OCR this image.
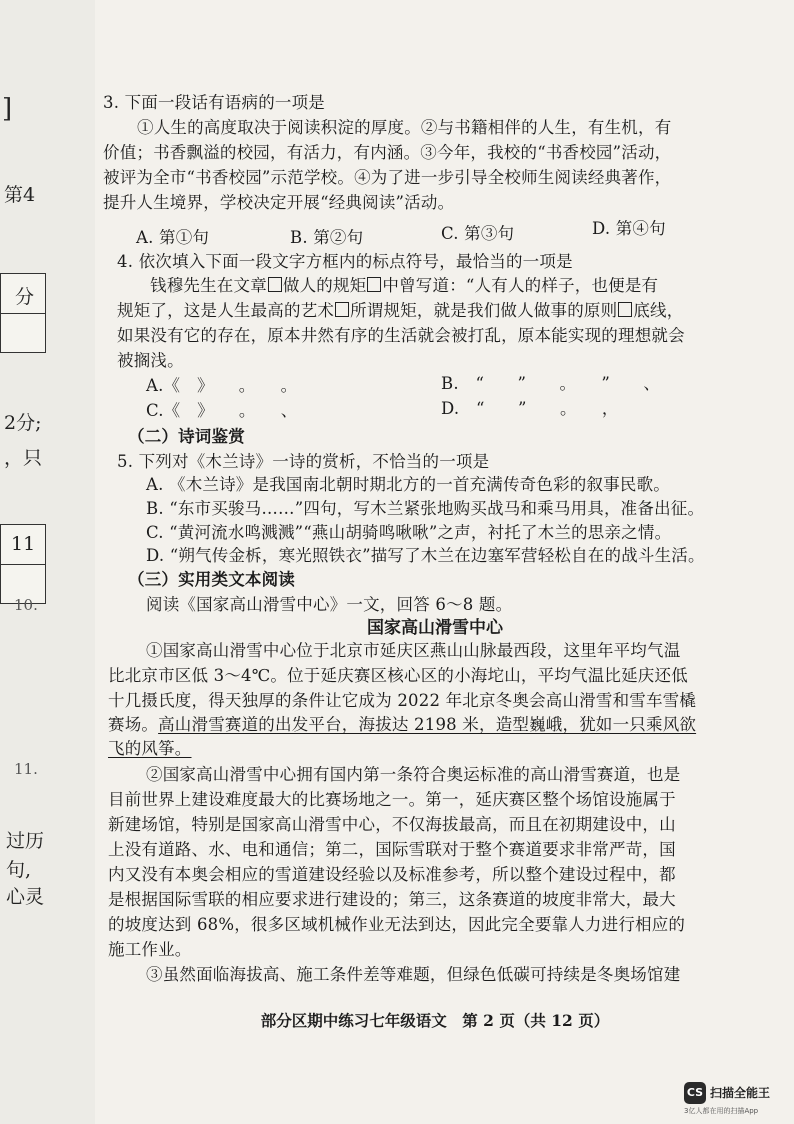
]
第4
分
2分;
，只
11
10.
11.
过历
句,
心灵
3. 下面一段话有语病的一项是
①人生的高度取决于阅读积淀的厚度。②与书籍相伴的人生，有生机，有
价值；书香飘溢的校园，有活力，有内涵。③今年，我校的“书香校园”活动，
被评为全市“书香校园”示范学校。④为了进一步引导全校师生阅读经典著作，
提升人生境界，学校决定开展“经典阅读”活动。
A. 第①句	B. 第②句	C. 第③句	D. 第④句
4. 依次填入下面一段文字方框内的标点符号，最恰当的一项是
钱穆先生在文章 做人的规矩 中曾写道：“人有人的样子，也便是有
规矩了，这是人生最高的艺术 所谓规矩，就是我们做人做事的原则 底线，
如果没有它的存在，原本井然有序的生活就会被打乱，原本能实现的理想就会
被搁浅。
A.《　》　　。　　。	B.　“　　”　　。　　”　　、
C.《　》　　。　　、	D.　“　　”　　。　　，
（二）诗词鉴赏
5. 下列对《木兰诗》一诗的赏析，不恰当的一项是
A. 《木兰诗》是我国南北朝时期北方的一首充满传奇色彩的叙事民歌。
B. “东市买骏马……”四句，写木兰紧张地购买战马和乘马用具，准备出征。
C. “黄河流水鸣溅溅”“燕山胡骑鸣啾啾”之声，衬托了木兰的思亲之情。
D. “朔气传金柝，寒光照铁衣”描写了木兰在边塞军营轻松自在的战斗生活。
（三）实用类文本阅读
阅读《国家高山滑雪中心》一文，回答 6～8 题。
国家高山滑雪中心
①国家高山滑雪中心位于北京市延庆区燕山山脉最西段，这里年平均气温
比北京市区低 3～4℃。位于延庆赛区核心区的小海坨山，平均气温比延庆还低
十几摄氏度，得天独厚的条件让它成为 2022 年北京冬奥会高山滑雪和雪车雪橇
赛场。高山滑雪赛道的出发平台，海拔达 2198 米，造型巍峨，犹如一只乘风欲
飞的风筝。
②国家高山滑雪中心拥有国内第一条符合奥运标准的高山滑雪赛道，也是
目前世界上建设难度最大的比赛场地之一。第一，延庆赛区整个场馆设施属于
新建场馆，特别是国家高山滑雪中心，不仅海拔最高，而且在初期建设中，山
上没有道路、水、电和通信；第二，国际雪联对于整个赛道要求非常严苛，国
内又没有本奥会相应的雪道建设经验以及标准参考，所以整个建设过程中，都
是根据国际雪联的相应要求进行建设的；第三，这条赛道的坡度非常大，最大
的坡度达到 68%，很多区域机械作业无法到达，因此完全要靠人力进行相应的
施工作业。
③虽然面临海拔高、施工条件差等难题，但绿色低碳可持续是冬奥场馆建
部分区期中练习七年级语文　第 2 页（共 12 页）
CS 扫描全能王
3亿人都在用的扫描App
